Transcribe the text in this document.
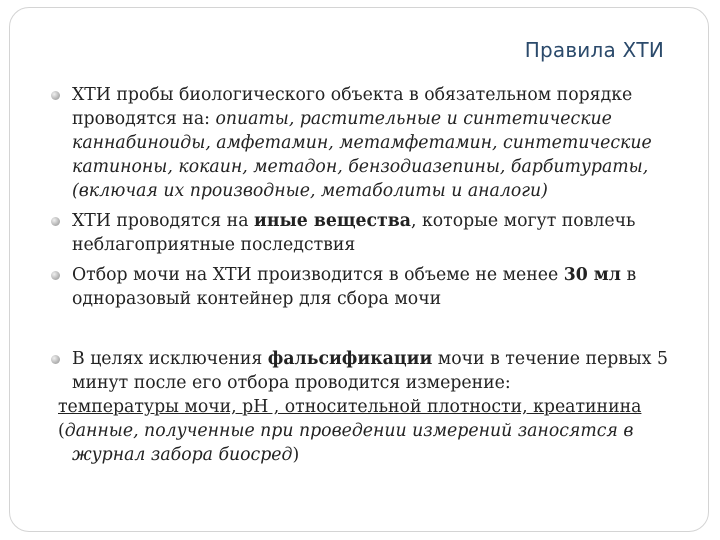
Правила ХТИ
ХТИ пробы биологического объекта в обязательном порядке проводятся на: опиаты, растительные и синтетические каннабиноиды, амфетамин, метамфетамин, синтетические катиноны, кокаин, метадон, бензодиазепины, барбитураты, (включая их производные, метаболиты и аналоги)
ХТИ проводятся на иные вещества, которые могут повлечь неблагоприятные последствия
Отбор мочи на ХТИ производится в объеме не менее 30 мл в одноразовый контейнер для сбора мочи
В целях исключения фальсификации мочи в течение первых 5 минут после его отбора проводится измерение:
температуры мочи, рН , относительной плотности, креатинина
(данные, полученные при проведении измерений заносятся в
журнал забора биосред)
